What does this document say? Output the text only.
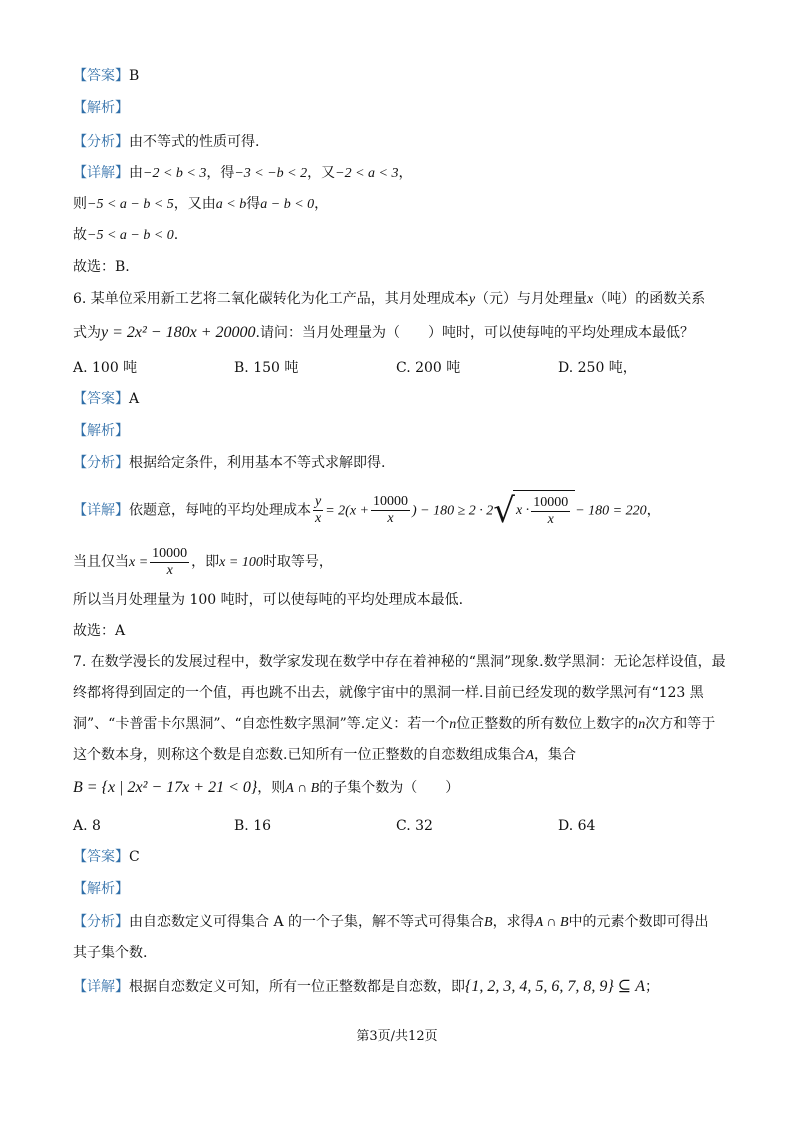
【答案】B
【解析】
【分析】由不等式的性质可得.
【详解】由−2 < b < 3，得−3 < −b < 2，又−2 < a < 3，
则−5 < a − b < 5，又由a < b得a − b < 0，
故−5 < a − b < 0.
故选：B.
6. 某单位采用新工艺将二氧化碳转化为化工产品，其月处理成本y（元）与月处理量x（吨）的函数关系
式为y = 2x² − 180x + 20000.请问：当月处理量为（　　）吨时，可以使每吨的平均处理成本最低？
A. 100 吨	B. 150 吨	C. 200 吨	D. 250 吨，
【答案】A
【解析】
【分析】根据给定条件，利用基本不等式求解即得.
【详解】依题意，每吨的平均处理成本 $\frac{y}{x} = 2(x + \frac{10000}{x}$ ) − 180 ≥ 2 · 2 √ $x \cdot \frac{10000}{x} - 180 = 220$，
当且仅当$x = \frac{10000}{x}$ ，即x = 100时取等号，
所以当月处理量为 100 吨时，可以使每吨的平均处理成本最低.
故选：A
7. 在数学漫长的发展过程中，数学家发现在数学中存在着神秘的“黑洞”现象.数学黑洞：无论怎样设值，最
终都将得到固定的一个值，再也跳不出去，就像宇宙中的黑洞一样.目前已经发现的数学黑河有“123 黑
洞”、“卡普雷卡尔黑洞”、“自恋性数字黑洞”等.定义：若一个n位正整数的所有数位上数字的n次方和等于
这个数本身，则称这个数是自恋数.已知所有一位正整数的自恋数组成集合A，集合
B = {x | 2x² − 17x + 21 < 0}，则A ∩ B的子集个数为（　　）
A. 8	B. 16	C. 32	D. 64
【答案】C
【解析】
【分析】由自恋数定义可得集合 A 的一个子集，解不等式可得集合B，求得A ∩ B中的元素个数即可得出
其子集个数.
【详解】根据自恋数定义可知，所有一位正整数都是自恋数，即{1, 2, 3, 4, 5, 6, 7, 8, 9} ⊆ A；
第3页/共12页
